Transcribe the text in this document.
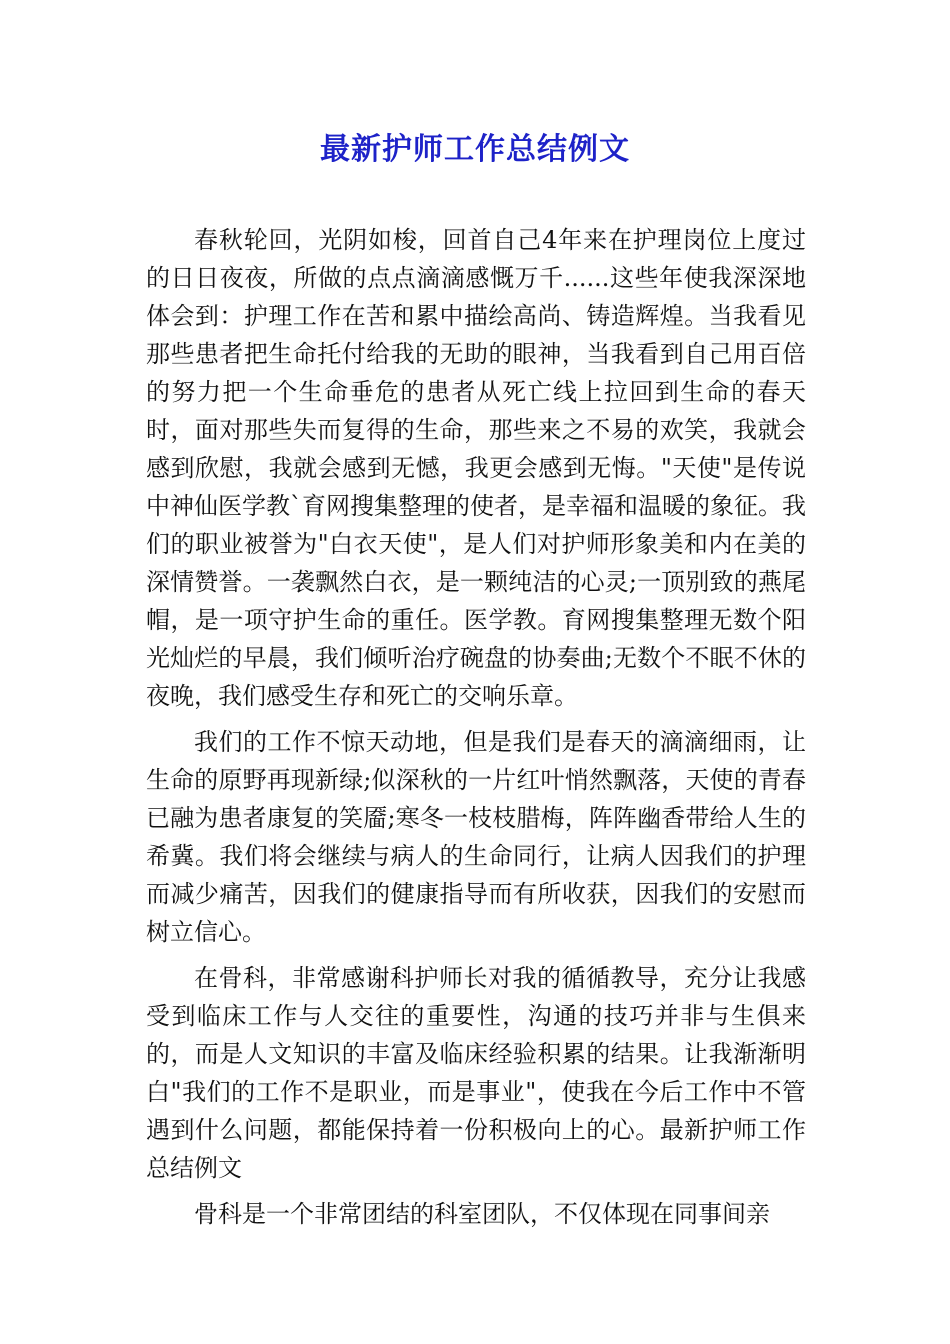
最新护师工作总结例文

春秋轮回，光阴如梭，回首自己4年来在护理岗位上度过的日日夜夜，所做的点点滴滴感慨万千......这些年使我深深地体会到：护理工作在苦和累中描绘高尚、铸造辉煌。当我看见那些患者把生命托付给我的无助的眼神，当我看到自己用百倍的努力把一个生命垂危的患者从死亡线上拉回到生命的春天时，面对那些失而复得的生命，那些来之不易的欢笑，我就会感到欣慰，我就会感到无憾，我更会感到无悔。"天使"是传说中神仙医学教`育网搜集整理的使者，是幸福和温暖的象征。我们的职业被誉为"白衣天使"，是人们对护师形象美和内在美的深情赞誉。一袭飘然白衣，是一颗纯洁的心灵;一顶别致的燕尾帽，是一项守护生命的重任。医学教。育网搜集整理无数个阳光灿烂的早晨，我们倾听治疗碗盘的协奏曲;无数个不眠不休的夜晚，我们感受生存和死亡的交响乐章。

我们的工作不惊天动地，但是我们是春天的滴滴细雨，让生命的原野再现新绿;似深秋的一片红叶悄然飘落，天使的青春已融为患者康复的笑靥;寒冬一枝枝腊梅，阵阵幽香带给人生的希冀。我们将会继续与病人的生命同行，让病人因我们的护理而减少痛苦，因我们的健康指导而有所收获，因我们的安慰而树立信心。

在骨科，非常感谢科护师长对我的循循教导，充分让我感受到临床工作与人交往的重要性，沟通的技巧并非与生俱来的，而是人文知识的丰富及临床经验积累的结果。让我渐渐明白"我们的工作不是职业，而是事业"，使我在今后工作中不管遇到什么问题，都能保持着一份积极向上的心。最新护师工作总结例文

骨科是一个非常团结的科室团队，不仅体现在同事间亲
